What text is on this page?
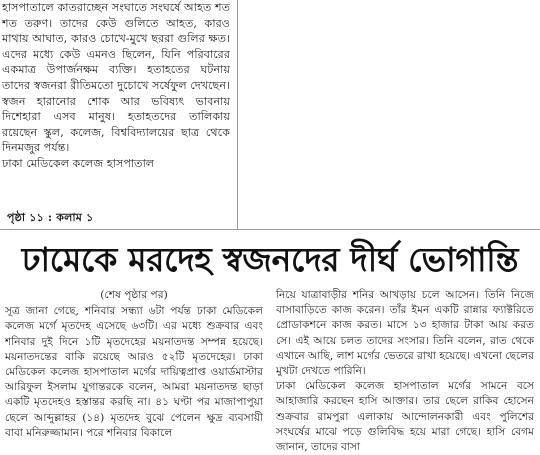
হাসপাতালে কাতরাচ্ছেন সংঘাতে সংঘর্ষে আহত শত শত তরুণ। তাদের কেউ গুলিতে আহত, কারও মাথায় আঘাত, কারও চোখে-মুখে ছররা গুলির ক্ষত। এদের মধ্যে কেউ এমনও ছিলেন, যিনি পরিবারের একমাত্র উপার্জনক্ষম ব্যক্তি। হতাহতের ঘটনায় তাদের স্বজনরা রীতিমতো দুচোখে সর্ষেফুল দেখছেন। স্বজন হারানোর শোক আর ভবিষ্যৎ ভাবনায় দিশেহারা এসব মানুষ। হতাহতদের তালিকায় রয়েছেন স্কুল, কলেজ, বিশ্ববিদ্যালয়ের ছাত্র থেকে দিনমজুর পর্যন্ত।

ঢাকা মেডিকেল কলেজ হাসপাতাল

পৃষ্ঠা ১১ : কলাম ১
ঢামেকে মরদেহ স্বজনদের দীর্ঘ ভোগান্তি

(শেষ পৃষ্ঠার পর)

সূত্র জানা গেছে, শনিবার সন্ধ্যা ৬টা পর্যন্ত ঢাকা মেডিকেল কলেজ মর্গে মৃতদেহ এসেছে ৬৩টি। এর মধ্যে শুক্রবার এবং শনিবার দুই দিনে ১টি মৃতদেহের ময়নাতদন্ত সম্পন্ন হয়েছে। ময়নাতদন্তের বাকি রয়েছে আরও ৫২টি মৃতদেহের। ঢাকা মেডিকেল কলেজ হাসপাতাল মর্গের দায়িত্বপ্রাপ্ত ওয়ার্ডমাস্টার আরিফুল ইসলাম যুগান্তরকে বলেন, আমরা ময়নাতদন্ত ছাড়া একটি মৃতদেহও হস্তান্তর করছি না। ৪১ ঘণ্টা পর মাজাপাপুয়া ছেলে আব্দুল্লাহর (১৪) মৃতদেহ বুঝে পেলেন ক্ষুদ্র ব্যবসায়ী বাবা মনিরুজ্জামান। পরে শনিবার বিকালে

নিয়ে যাত্রাবাড়ীর শনির আখড়ায় চলে আসেন। তিনি নিজে বাসাবাড়িতে কাজ করেন। তাঁর ইমন একটি রান্নার ফ্যাক্টরিতে প্রোডাকশনে কাজ করত। মাসে ১৩ হাজার টাকা আয় করত সে। এই আয়ে চলত তাদের সংসার। তিনি বলেন, রাত থেকে এখানে আছি, লাশ মর্গের ভেতরে রাখা হয়েছে। এখনো ছেলের মুখটা দেখতে পারিনি।

ঢাকা মেডিকেল কলেজ হাসপাতাল মর্গের সামনে বসে আহাজারি করছেন হাসি আক্তার। তার ছেলে রাকিব হোসেন শুক্রবার রামপুরা এলাকায় আন্দোলনকারী এবং পুলিশের সংঘর্ষের মাঝে পড়ে গুলিবিদ্ধ হয়ে মারা গেছে। হাসি বেগম জানান, তাদের বাসা
